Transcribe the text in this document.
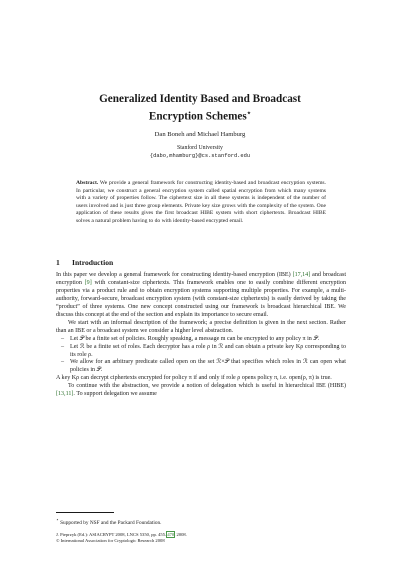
Generalized Identity Based and Broadcast
Encryption Schemes⋆
Dan Boneh and Michael Hamburg
Stanford University
{dabo,mhamburg}@cs.stanford.edu
Abstract. We provide a general framework for constructing identity-based and broadcast encryption systems. In particular, we construct a general encryption system called spatial encryption from which many systems with a variety of properties follow. The ciphertext size in all these systems is independent of the number of users involved and is just three group elements. Private key size grows with the complexity of the system. One application of these results gives the first broadcast HIBE system with short ciphertexts. Broadcast HIBE solves a natural problem having to do with identity-based encrypted email.
1 Introduction

In this paper we develop a general framework for constructing identity-based encryption (IBE) [17,14] and broadcast encryption [9] with constant-size ciphertexts. This framework enables one to easily combine different encryption properties via a product rule and to obtain encryption systems supporting multiple properties. For example, a multi-authority, forward-secure, broadcast encryption system (with constant-size ciphertexts) is easily derived by taking the “product” of three systems. One new concept constructed using our framework is broadcast hierarchical IBE. We discuss this concept at the end of the section and explain its importance to secure email.

We start with an informal description of the framework; a precise definition is given in the next section. Rather than an IBE or a broadcast system we consider a higher level abstraction.

– Let 𝒫 be a finite set of policies. Roughly speaking, a message m can be encrypted to any policy π in 𝒫.
– Let ℛ be a finite set of roles. Each decryptor has a role ρ in ℛ and can obtain a private key Kρ corresponding to its role ρ.
– We allow for an arbitrary predicate called open on the set ℛ×𝒫 that specifies which roles in ℛ can open what policies in 𝒫.

A key Kρ can decrypt ciphertexts encrypted for policy π if and only if role ρ opens policy π, i.e. open(ρ, π) is true.

To continue with the abstraction, we provide a notion of delegation which is useful in hierarchical IBE (HIBE) [13,11]. To support delegation we assume

⋆ Supported by NSF and the Packard Foundation.
J. Pieprzyk (Ed.): ASIACRYPT 2008, LNCS 5350, pp. 455–470, 2008.
© International Association for Cryptologic Research 2008
